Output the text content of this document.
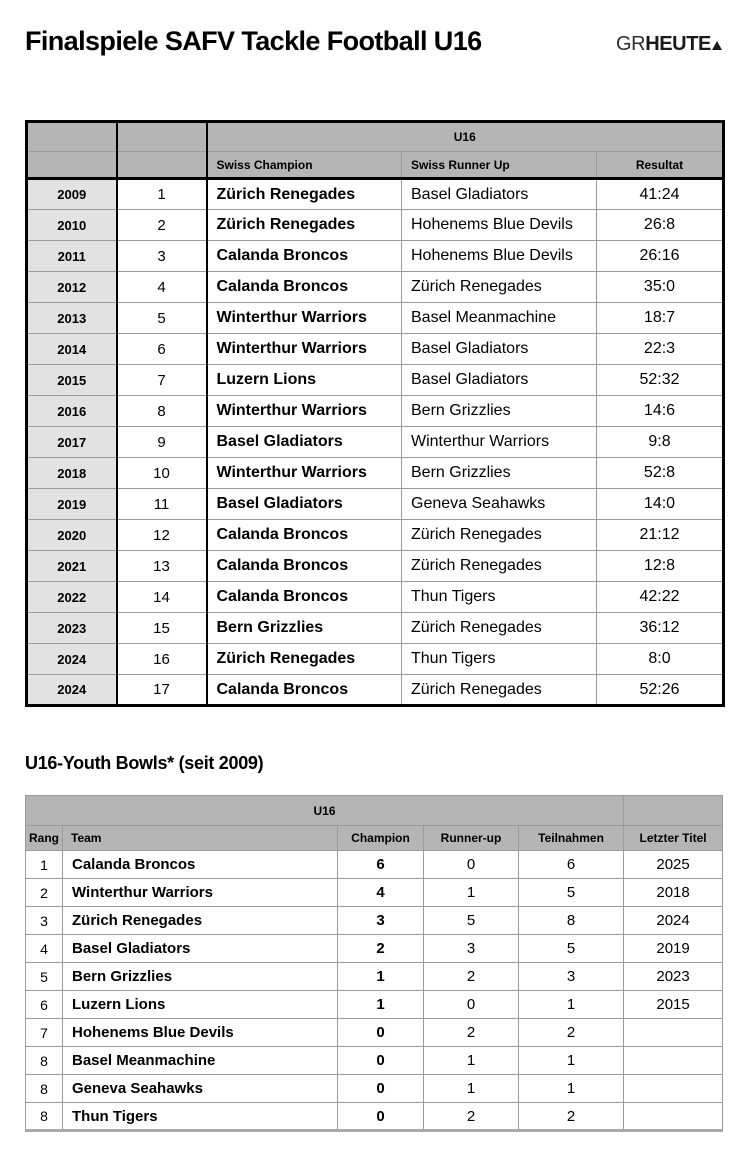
Finalspiele SAFV Tackle Football U16	GRHEUTE
		U16		
		Swiss Champion	Swiss Runner Up	Resultat
2009	1	Zürich Renegades	Basel Gladiators	41:24
2010	2	Zürich Renegades	Hohenems Blue Devils	26:8
2011	3	Calanda Broncos	Hohenems Blue Devils	26:16
2012	4	Calanda Broncos	Zürich Renegades	35:0
2013	5	Winterthur Warriors	Basel Meanmachine	18:7
2014	6	Winterthur Warriors	Basel Gladiators	22:3
2015	7	Luzern Lions	Basel Gladiators	52:32
2016	8	Winterthur Warriors	Bern Grizzlies	14:6
2017	9	Basel Gladiators	Winterthur Warriors	9:8
2018	10	Winterthur Warriors	Bern Grizzlies	52:8
2019	11	Basel Gladiators	Geneva Seahawks	14:0
2020	12	Calanda Broncos	Zürich Renegades	21:12
2021	13	Calanda Broncos	Zürich Renegades	12:8
2022	14	Calanda Broncos	Thun Tigers	42:22
2023	15	Bern Grizzlies	Zürich Renegades	36:12
2024	16	Zürich Renegades	Thun Tigers	8:0
2024	17	Calanda Broncos	Zürich Renegades	52:26
U16-Youth Bowls* (seit 2009)
U16					
Rang	Team	Champion	Runner-up	Teilnahmen	Letzter Titel
1	Calanda Broncos	6	0	6	2025
2	Winterthur Warriors	4	1	5	2018
3	Zürich Renegades	3	5	8	2024
4	Basel Gladiators	2	3	5	2019
5	Bern Grizzlies	1	2	3	2023
6	Luzern Lions	1	0	1	2015
7	Hohenems Blue Devils	0	2	2	
8	Basel Meanmachine	0	1	1	
8	Geneva Seahawks	0	1	1	
8	Thun Tigers	0	2	2	
